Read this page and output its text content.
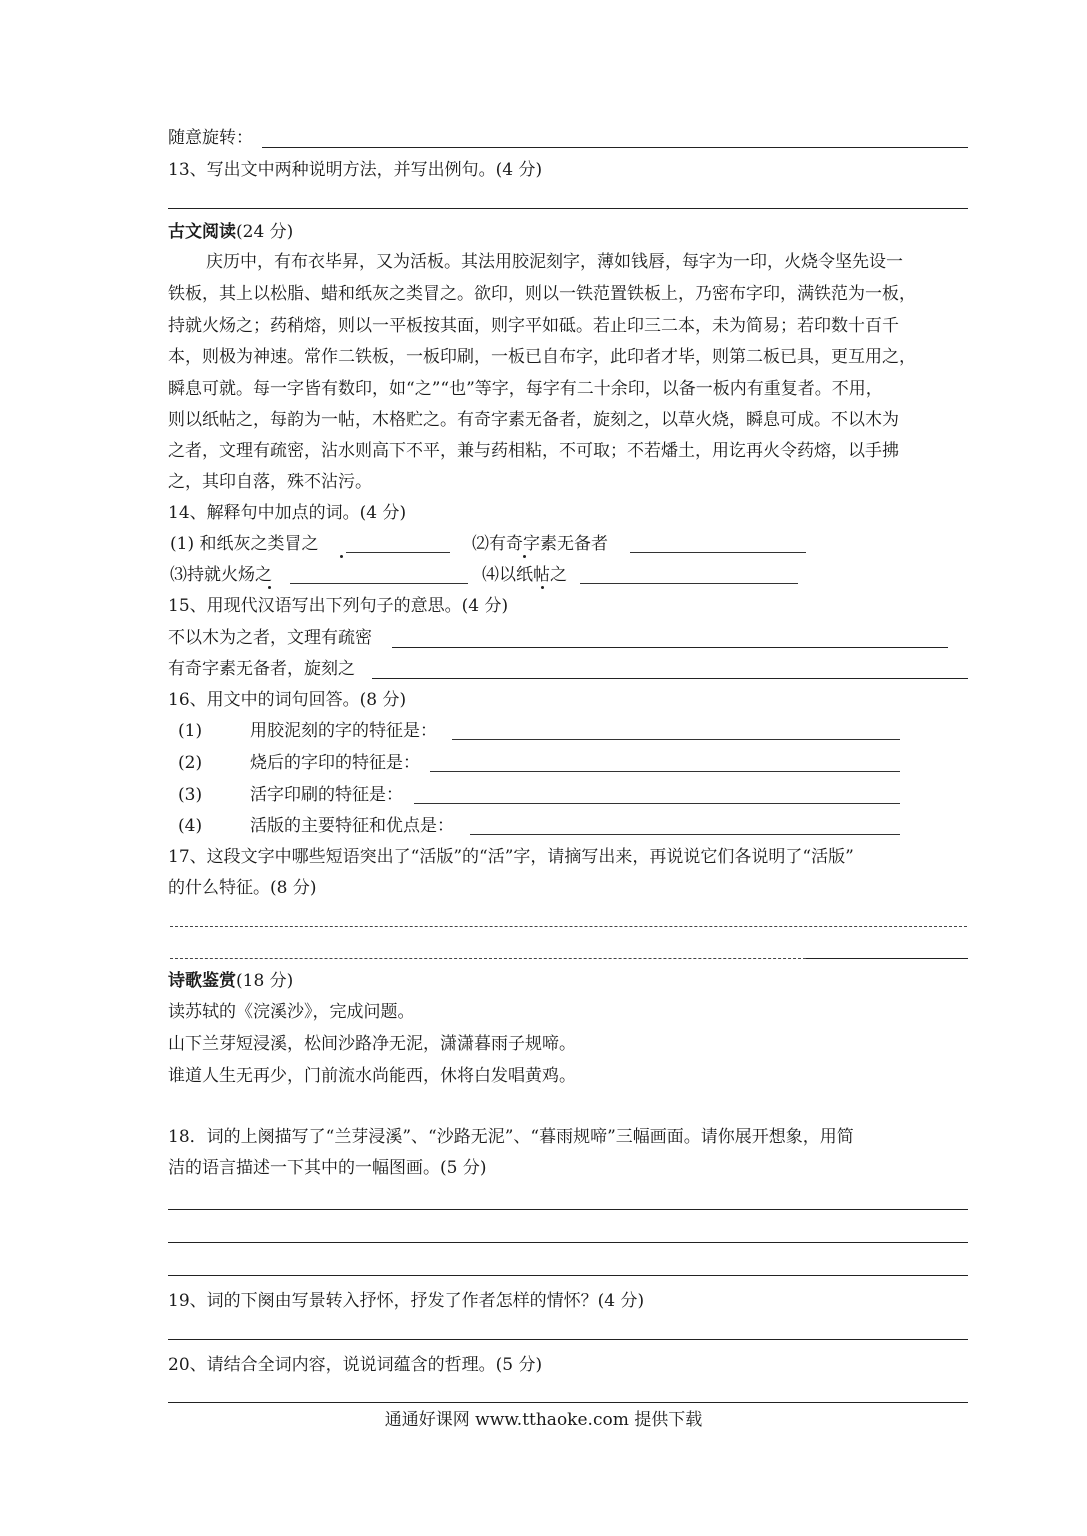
随意旋转：
13、写出文中两种说明方法，并写出例句。(4 分)
古文阅读(24 分)
庆历中，有布衣毕昇，又为活板。其法用胶泥刻字，薄如钱唇，每字为一印，火烧令坚先设一
铁板，其上以松脂、蜡和纸灰之类冒之。欲印，则以一铁范置铁板上，乃密布字印，满铁范为一板，
持就火炀之；药稍熔，则以一平板按其面，则字平如砥。若止印三二本，未为简易；若印数十百千
本，则极为神速。常作二铁板，一板印刷，一板已自布字，此印者才毕，则第二板已具，更互用之，
瞬息可就。每一字皆有数印，如“之”“也”等字，每字有二十余印，以备一板内有重复者。不用，
则以纸帖之，每韵为一帖，木格贮之。有奇字素无备者，旋刻之，以草火烧，瞬息可成。不以木为
之者，文理有疏密，沾水则高下不平，兼与药相粘，不可取；不若燔土，用讫再火令药熔，以手拂
之，其印自落，殊不沾污。
14、解释句中加点的词。(4 分)
(1) 和纸灰之类冒之	⑵有奇字素无备者
⑶持就火炀之	⑷以纸帖之
15、用现代汉语写出下列句子的意思。(4 分)
不以木为之者，文理有疏密
有奇字素无备者，旋刻之
16、用文中的词句回答。(8 分)
(1)	用胶泥刻的字的特征是：
(2)	烧后的字印的特征是：
(3)	活字印刷的特征是：
(4)	活版的主要特征和优点是：
17、这段文字中哪些短语突出了“活版”的“活”字，请摘写出来，再说说它们各说明了“活版”
的什么特征。(8 分)
诗歌鉴赏(18 分)
读苏轼的《浣溪沙》，完成问题。
山下兰芽短浸溪，松间沙路净无泥，潇潇暮雨子规啼。
谁道人生无再少，门前流水尚能西，休将白发唱黄鸡。
18．词的上阕描写了“兰芽浸溪”、“沙路无泥”、“暮雨规啼”三幅画面。请你展开想象，用简
洁的语言描述一下其中的一幅图画。(5 分)
19、词的下阕由写景转入抒怀，抒发了作者怎样的情怀？(4 分)
20、请结合全词内容，说说词蕴含的哲理。(5 分)
通通好课网 www.tthaoke.com 提供下载
